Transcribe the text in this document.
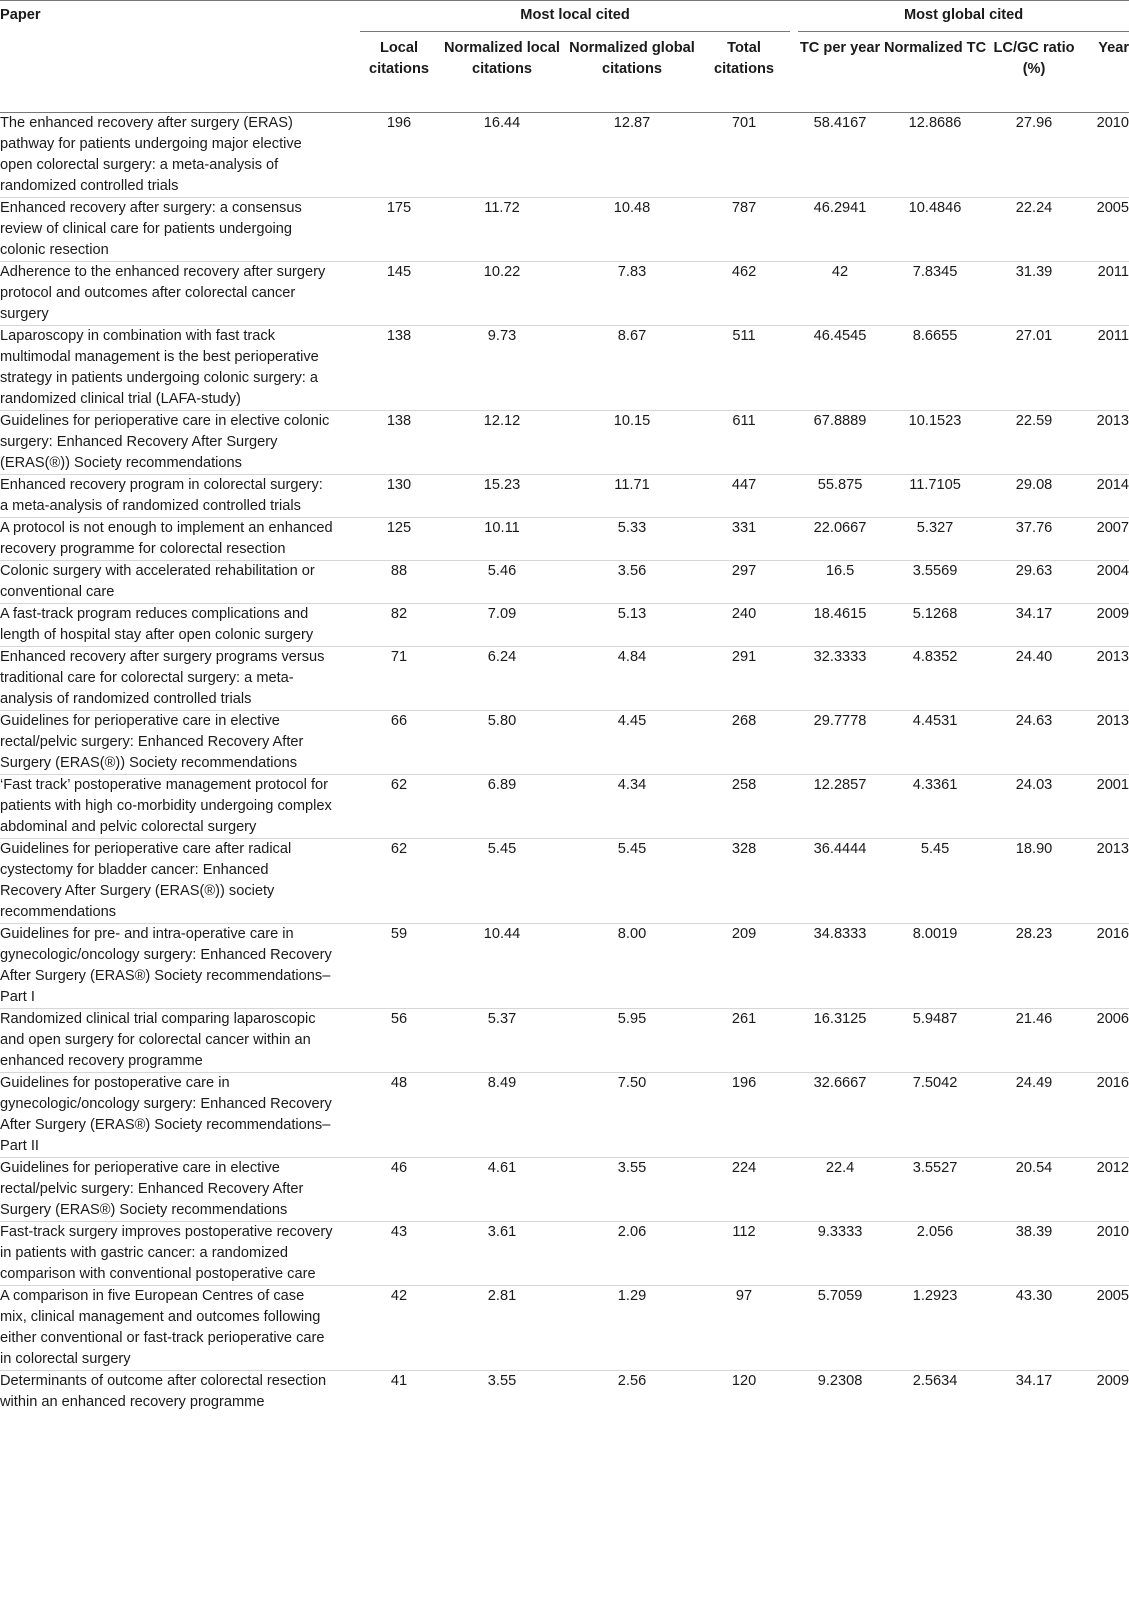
Paper		Most local cited					Most global cited			
		Local citations	Normalized local citations	Normalized global citations	Total citations		TC per year	Normalized TC	LC/GC ratio (%)	Year
The enhanced recovery after surgery (ERAS) pathway for patients undergoing major elective open colorectal surgery: a meta-analysis of randomized controlled trials		196	16.44	12.87	701		58.4167	12.8686	27.96	2010
Enhanced recovery after surgery: a consensus review of clinical care for patients undergoing colonic resection		175	11.72	10.48	787		46.2941	10.4846	22.24	2005
Adherence to the enhanced recovery after surgery protocol and outcomes after colorectal cancer surgery		145	10.22	7.83	462		42	7.8345	31.39	2011
Laparoscopy in combination with fast track multimodal management is the best perioperative strategy in patients undergoing colonic surgery: a randomized clinical trial (LAFA-study)		138	9.73	8.67	511		46.4545	8.6655	27.01	2011
Guidelines for perioperative care in elective colonic surgery: Enhanced Recovery After Surgery (ERAS(®)) Society recommendations		138	12.12	10.15	611		67.8889	10.1523	22.59	2013
Enhanced recovery program in colorectal surgery: a meta-analysis of randomized controlled trials		130	15.23	11.71	447		55.875	11.7105	29.08	2014
A protocol is not enough to implement an enhanced recovery programme for colorectal resection		125	10.11	5.33	331		22.0667	5.327	37.76	2007
Colonic surgery with accelerated rehabilitation or conventional care		88	5.46	3.56	297		16.5	3.5569	29.63	2004
A fast-track program reduces complications and length of hospital stay after open colonic surgery		82	7.09	5.13	240		18.4615	5.1268	34.17	2009
Enhanced recovery after surgery programs versus traditional care for colorectal surgery: a meta-analysis of randomized controlled trials		71	6.24	4.84	291		32.3333	4.8352	24.40	2013
Guidelines for perioperative care in elective rectal/pelvic surgery: Enhanced Recovery After Surgery (ERAS(®)) Society recommendations		66	5.80	4.45	268		29.7778	4.4531	24.63	2013
‘Fast track’ postoperative management protocol for patients with high co-morbidity undergoing complex abdominal and pelvic colorectal surgery		62	6.89	4.34	258		12.2857	4.3361	24.03	2001
Guidelines for perioperative care after radical cystectomy for bladder cancer: Enhanced Recovery After Surgery (ERAS(®)) society recommendations		62	5.45	5.45	328		36.4444	5.45	18.90	2013
Guidelines for pre- and intra-operative care in gynecologic/oncology surgery: Enhanced Recovery After Surgery (ERAS®) Society recommendations–Part I		59	10.44	8.00	209		34.8333	8.0019	28.23	2016
Randomized clinical trial comparing laparoscopic and open surgery for colorectal cancer within an enhanced recovery programme		56	5.37	5.95	261		16.3125	5.9487	21.46	2006
Guidelines for postoperative care in gynecologic/oncology surgery: Enhanced Recovery After Surgery (ERAS®) Society recommendations–Part II		48	8.49	7.50	196		32.6667	7.5042	24.49	2016
Guidelines for perioperative care in elective rectal/pelvic surgery: Enhanced Recovery After Surgery (ERAS®) Society recommendations		46	4.61	3.55	224		22.4	3.5527	20.54	2012
Fast-track surgery improves postoperative recovery in patients with gastric cancer: a randomized comparison with conventional postoperative care		43	3.61	2.06	112		9.3333	2.056	38.39	2010
A comparison in five European Centres of case mix, clinical management and outcomes following either conventional or fast-track perioperative care in colorectal surgery		42	2.81	1.29	97		5.7059	1.2923	43.30	2005
Determinants of outcome after colorectal resection within an enhanced recovery programme		41	3.55	2.56	120		9.2308	2.5634	34.17	2009
